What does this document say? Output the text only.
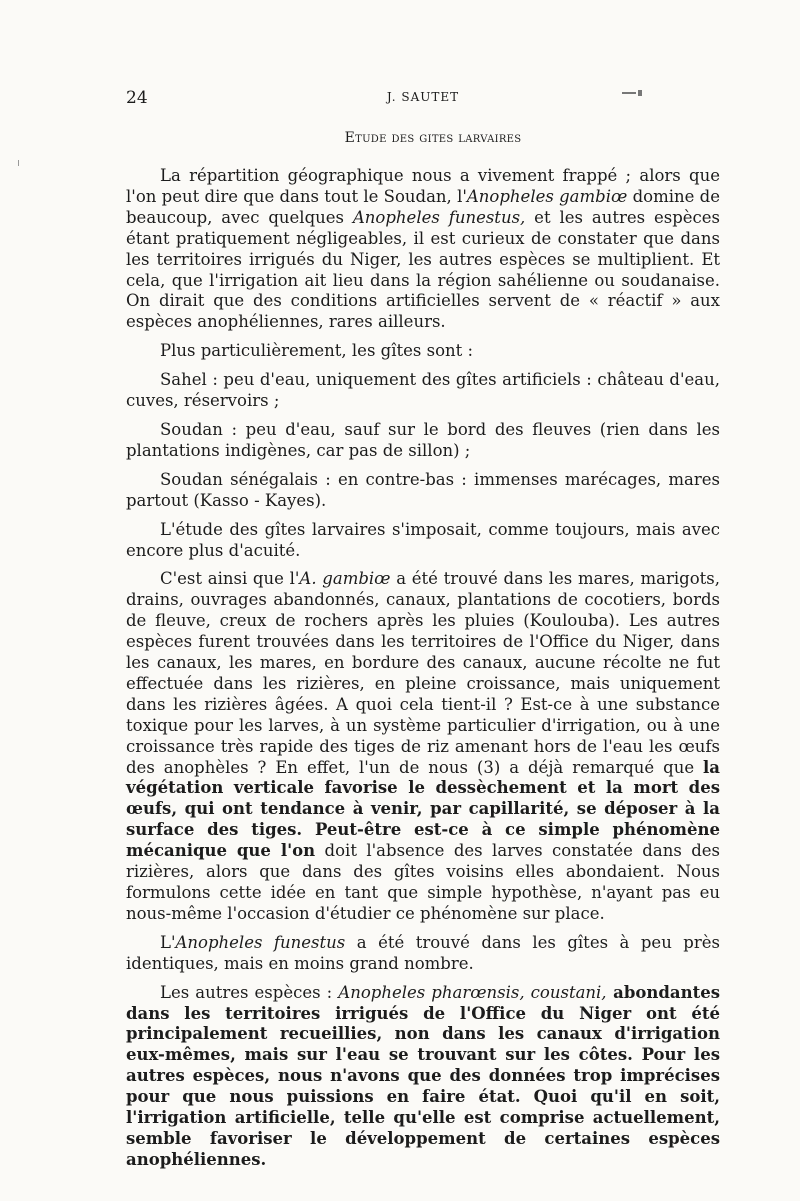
24	J. SAUTET
Etude des gites larvaires

La répartition géographique nous a vivement frappé ; alors que l'on peut dire que dans tout le Soudan, l'Anopheles gambiœ domine de beaucoup, avec quelques Anopheles funestus, et les autres espèces étant pratiquement négligeables, il est curieux de constater que dans les territoires irrigués du Niger, les autres espèces se multiplient. Et cela, que l'irrigation ait lieu dans la région sahélienne ou soudanaise. On dirait que des conditions artificielles servent de « réactif » aux espèces anophéliennes, rares ailleurs.

Plus particulièrement, les gîtes sont :

Sahel : peu d'eau, uniquement des gîtes artificiels : château d'eau, cuves, réservoirs ;

Soudan : peu d'eau, sauf sur le bord des fleuves (rien dans les plantations indigènes, car pas de sillon) ;

Soudan sénégalais : en contre-bas : immenses marécages, mares partout (Kasso - Kayes).

L'étude des gîtes larvaires s'imposait, comme toujours, mais avec encore plus d'acuité.

C'est ainsi que l'A. gambiœ a été trouvé dans les mares, marigots, drains, ouvrages abandonnés, canaux, plantations de cocotiers, bords de fleuve, creux de rochers après les pluies (Koulouba). Les autres espèces furent trouvées dans les territoires de l'Office du Niger, dans les canaux, les mares, en bordure des canaux, aucune récolte ne fut effectuée dans les rizières, en pleine croissance, mais uniquement dans les rizières âgées. A quoi cela tient-il ? Est-ce à une substance toxique pour les larves, à un système particulier d'irrigation, ou à une croissance très rapide des tiges de riz amenant hors de l'eau les œufs des anophèles ? En effet, l'un de nous (3) a déjà remarqué que la végétation verticale favorise le dessèchement et la mort des œufs, qui ont tendance à venir, par capillarité, se déposer à la surface des tiges. Peut-être est-ce à ce simple phénomène mécanique que l'on doit l'absence des larves constatée dans des rizières, alors que dans des gîtes voisins elles abondaient. Nous formulons cette idée en tant que simple hypothèse, n'ayant pas eu nous-même l'occasion d'étudier ce phénomène sur place.

L'Anopheles funestus a été trouvé dans les gîtes à peu près identiques, mais en moins grand nombre.

Les autres espèces : Anopheles pharœnsis, coustani, abondantes dans les territoires irrigués de l'Office du Niger ont été principalement recueillies, non dans les canaux d'irrigation eux-mêmes, mais sur l'eau se trouvant sur les côtes. Pour les autres espèces, nous n'avons que des données trop imprécises pour que nous puissions en faire état. Quoi qu'il en soit, l'irrigation artificielle, telle qu'elle est comprise actuellement, semble favoriser le développement de certaines espèces anophéliennes.
